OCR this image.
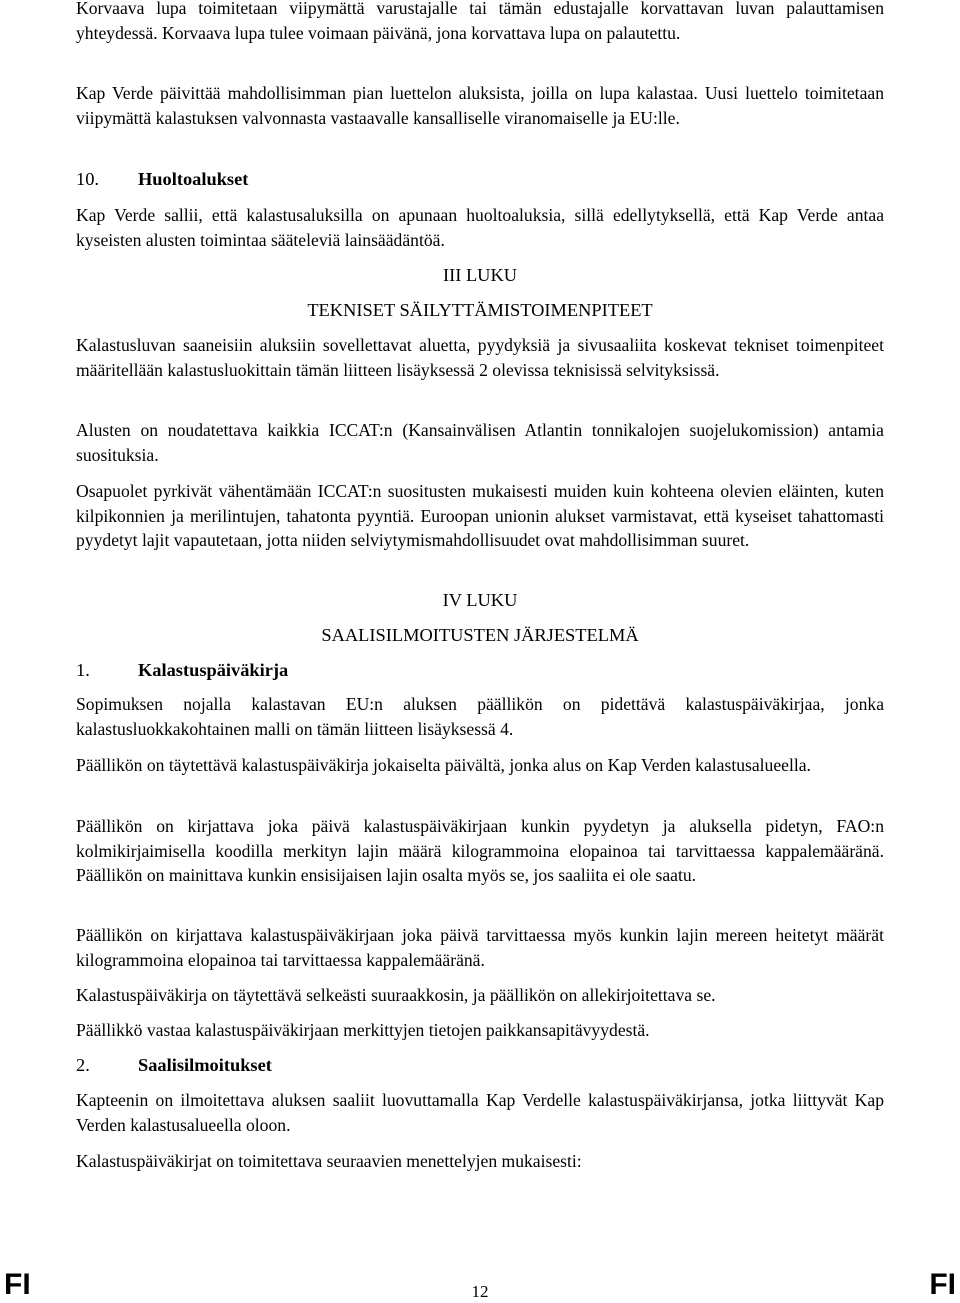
Korvaava lupa toimitetaan viipymättä varustajalle tai tämän edustajalle korvattavan luvan palauttamisen yhteydessä. Korvaava lupa tulee voimaan päivänä, jona korvattava lupa on palautettu.

Kap Verde päivittää mahdollisimman pian luettelon aluksista, joilla on lupa kalastaa. Uusi luettelo toimitetaan viipymättä kalastuksen valvonnasta vastaavalle kansalliselle viranomaiselle ja EU:lle.

10. Huoltoalukset

Kap Verde sallii, että kalastusaluksilla on apunaan huoltoaluksia, sillä edellytyksellä, että Kap Verde antaa kyseisten alusten toimintaa sääteleviä lainsäädäntöä.

III LUKU
TEKNISET SÄILYTTÄMISTOIMENPITEET

Kalastusluvan saaneisiin aluksiin sovellettavat aluetta, pyydyksiä ja sivusaaliita koskevat tekniset toimenpiteet määritellään kalastusluokittain tämän liitteen lisäyksessä 2 olevissa teknisissä selvityksissä.

Alusten on noudatettava kaikkia ICCAT:n (Kansainvälisen Atlantin tonnikalojen suojelukomission) antamia suosituksia.

Osapuolet pyrkivät vähentämään ICCAT:n suositusten mukaisesti muiden kuin kohteena olevien eläinten, kuten kilpikonnien ja merilintujen, tahatonta pyyntiä. Euroopan unionin alukset varmistavat, että kyseiset tahattomasti pyydetyt lajit vapautetaan, jotta niiden selviytymismahdollisuudet ovat mahdollisimman suuret.

IV LUKU
SAALISILMOITUSTEN JÄRJESTELMÄ
1.	Kalastuspäiväkirja

Sopimuksen nojalla kalastavan EU:n aluksen päällikön on pidettävä kalastuspäiväkirjaa, jonka kalastusluokkakohtainen malli on tämän liitteen lisäyksessä 4.

Päällikön on täytettävä kalastuspäiväkirja jokaiselta päivältä, jonka alus on Kap Verden kalastusalueella.

Päällikön on kirjattava joka päivä kalastuspäiväkirjaan kunkin pyydetyn ja aluksella pidetyn, FAO:n kolmikirjaimisella koodilla merkityn lajin määrä kilogrammoina elopainoa tai tarvittaessa kappalemääränä. Päällikön on mainittava kunkin ensisijaisen lajin osalta myös se, jos saaliita ei ole saatu.

Päällikön on kirjattava kalastuspäiväkirjaan joka päivä tarvittaessa myös kunkin lajin mereen heitetyt määrät kilogrammoina elopainoa tai tarvittaessa kappalemääränä.

Kalastuspäiväkirja on täytettävä selkeästi suuraakkosin, ja päällikön on allekirjoitettava se.

Päällikkö vastaa kalastuspäiväkirjaan merkittyjen tietojen paikkansapitävyydestä.

2.	Saalisilmoitukset

Kapteenin on ilmoitettava aluksen saaliit luovuttamalla Kap Verdelle kalastuspäiväkirjansa, jotka liittyvät Kap Verden kalastusalueella oloon.

Kalastuspäiväkirjat on toimitettava seuraavien menettelyjen mukaisesti:

FI	12	FI
